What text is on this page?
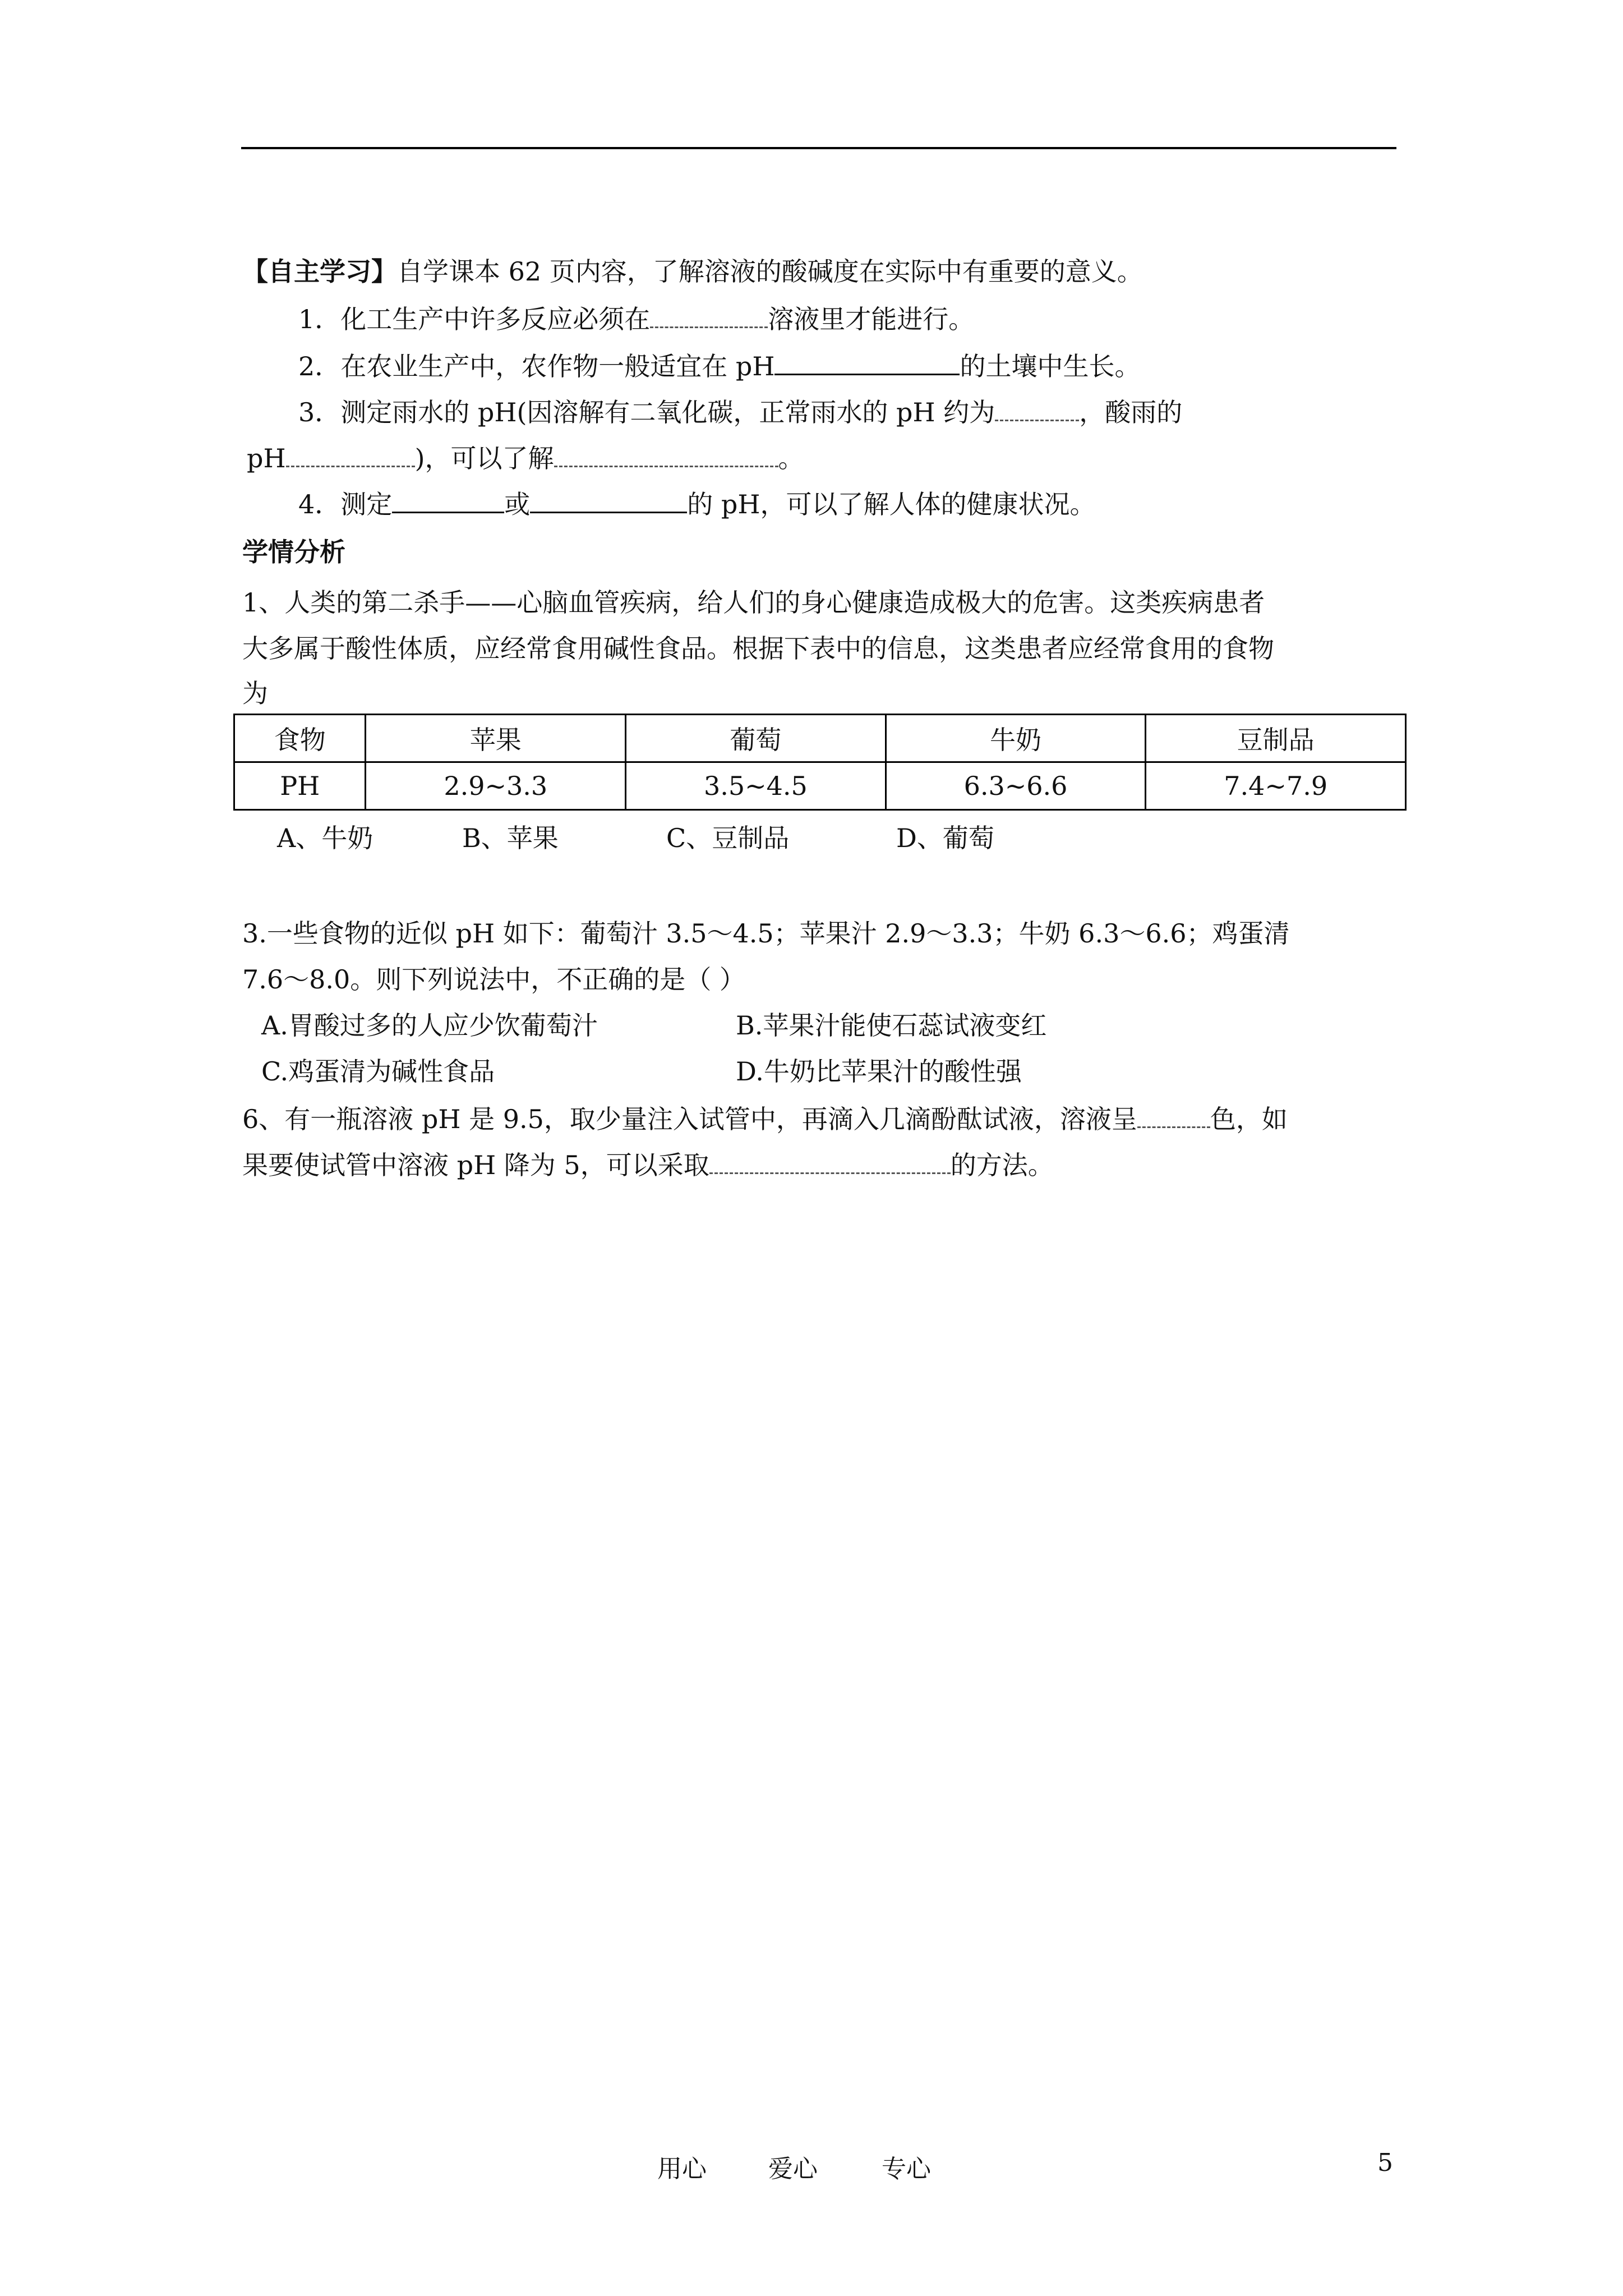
【自主学习】自学课本 62 页内容，了解溶液的酸碱度在实际中有重要的意义。
1．化工生产中许多反应必须在	溶液里才能进行。
2．在农业生产中，农作物一般适宜在 pH	的土壤中生长。
3．测定雨水的 pH(因溶解有二氧化碳，正常雨水的 pH 约为	，酸雨的
pH	)，可以了解	。
4．测定	或	的 pH，可以了解人体的健康状况。
学情分析
1、人类的第二杀手——心脑血管疾病，给人们的身心健康造成极大的危害。这类疾病患者
大多属于酸性体质，应经常食用碱性食品。根据下表中的信息，这类患者应经常食用的食物
为
食物	苹果	葡萄	牛奶	豆制品
PH	2.9~3.3	3.5~4.5	6.3~6.6	7.4~7.9
A、牛奶	B、苹果	C、豆制品	D、葡萄
3.一些食物的近似 pH 如下：葡萄汁 3.5～4.5；苹果汁 2.9～3.3；牛奶 6.3～6.6；鸡蛋清
7.6～8.0。则下列说法中，不正确的是（ ）
A.胃酸过多的人应少饮葡萄汁	B.苹果汁能使石蕊试液变红
C.鸡蛋清为碱性食品	D.牛奶比苹果汁的酸性强
6、有一瓶溶液 pH 是 9.5，取少量注入试管中，再滴入几滴酚酞试液，溶液呈	色，如
果要使试管中溶液 pH 降为 5，可以采取	的方法。
用心	爱心	专心	5
